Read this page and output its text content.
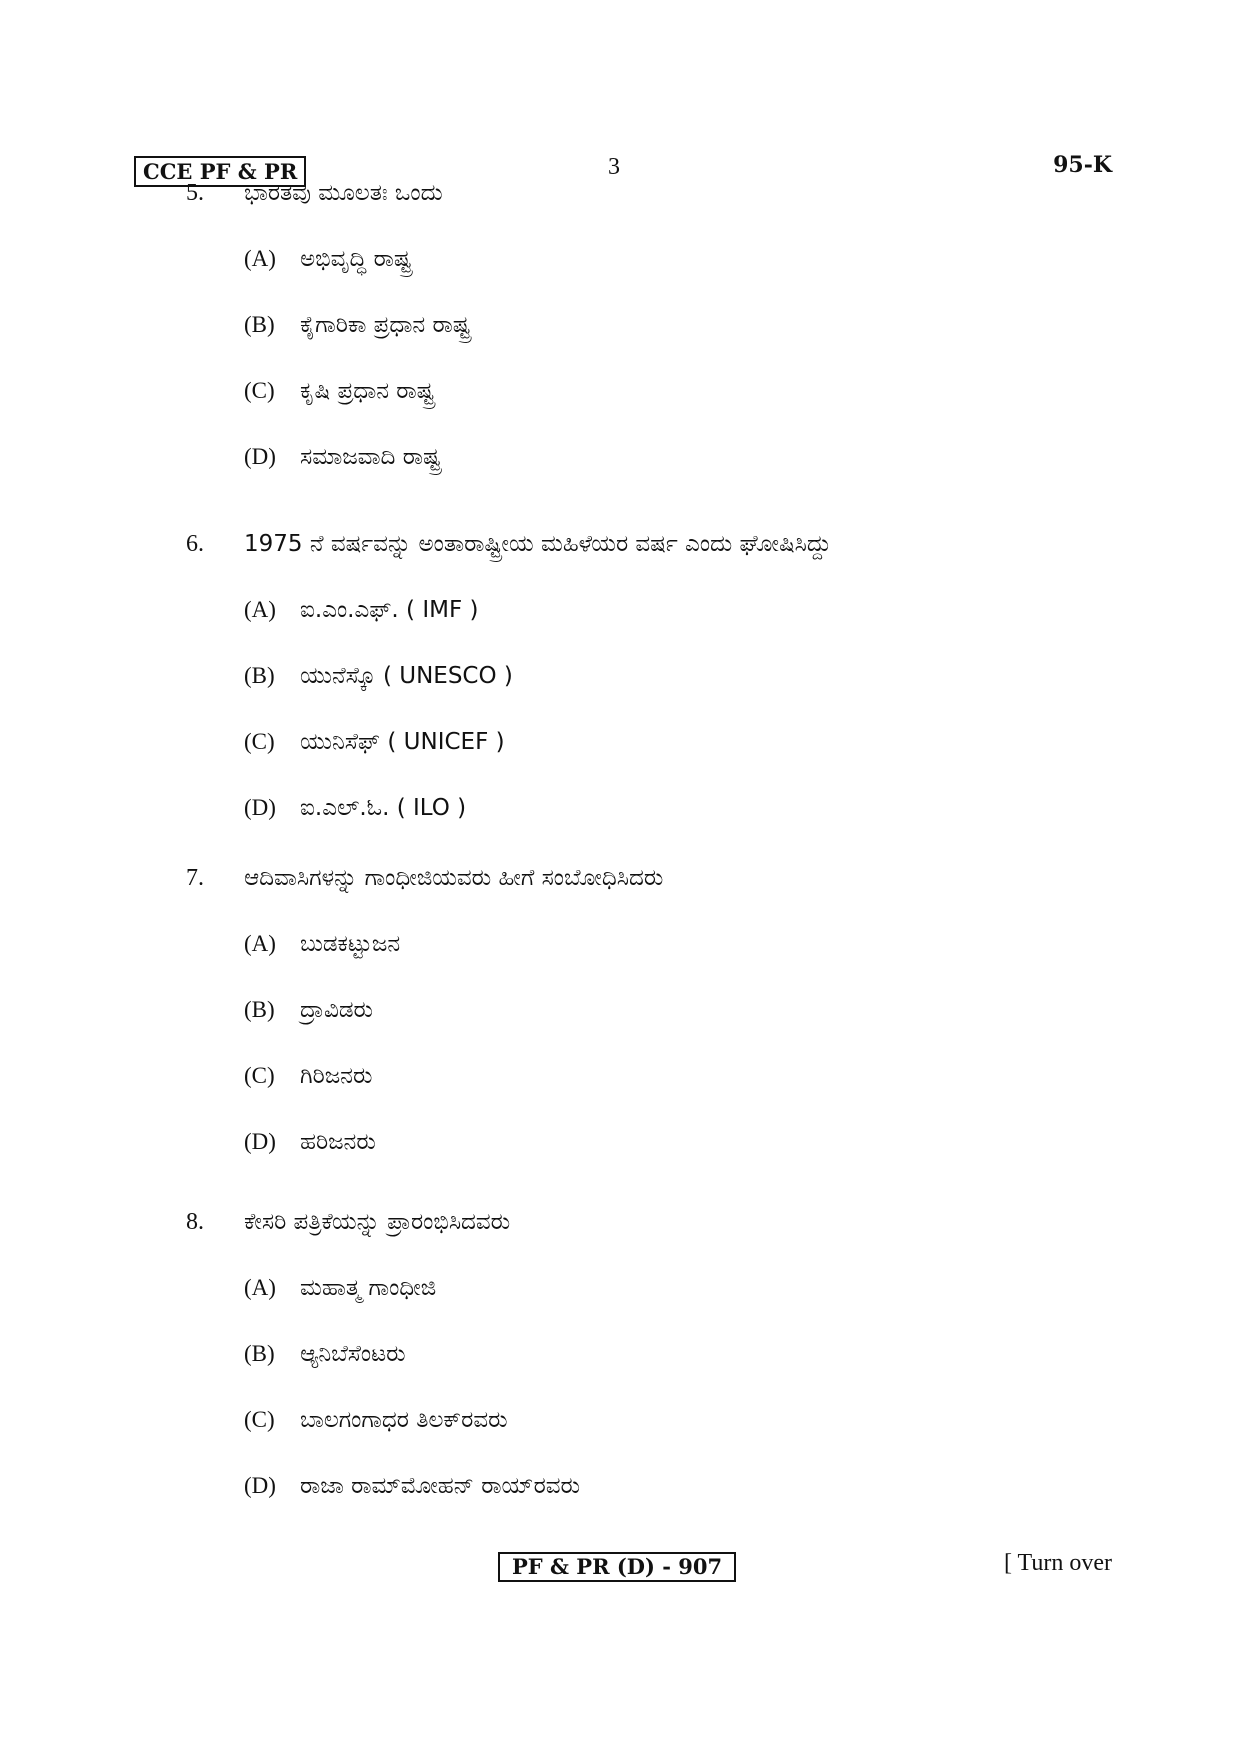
CCE PF & PR	3	95-K
5. ಭಾರತವು ಮೂಲತಃ ಒಂದು
(A) ಅಭಿವೃದ್ಧಿ ರಾಷ್ಟ್ರ
(B) ಕೈಗಾರಿಕಾ ಪ್ರಧಾನ ರಾಷ್ಟ್ರ
(C) ಕೃಷಿ ಪ್ರಧಾನ ರಾಷ್ಟ್ರ
(D) ಸಮಾಜವಾದಿ ರಾಷ್ಟ್ರ
6. 1975 ನೆ ವರ್ಷವನ್ನು ಅಂತಾರಾಷ್ಟ್ರೀಯ ಮಹಿಳೆಯರ ವರ್ಷ ಎಂದು ಘೋಷಿಸಿದ್ದು
(A) ಐ.ಎಂ.ಎಫ್. ( IMF )
(B) ಯುನೆಸ್ಕೊ ( UNESCO )
(C) ಯುನಿಸೆಫ್ ( UNICEF )
(D) ಐ.ಎಲ್.ಓ. ( ILO )
7. ಆದಿವಾಸಿಗಳನ್ನು ಗಾಂಧೀಜಿಯವರು ಹೀಗೆ ಸಂಬೋಧಿಸಿದರು
(A) ಬುಡಕಟ್ಟುಜನ
(B) ದ್ರಾವಿಡರು
(C) ಗಿರಿಜನರು
(D) ಹರಿಜನರು
8. ಕೇಸರಿ ಪತ್ರಿಕೆಯನ್ನು ಪ್ರಾರಂಭಿಸಿದವರು
(A) ಮಹಾತ್ಮ ಗಾಂಧೀಜಿ
(B) ಆ್ಯನಿಬೆಸೆಂಟರು
(C) ಬಾಲಗಂಗಾಧರ ತಿಲಕ್‌ರವರು
(D) ರಾಜಾ ರಾಮ್‌ಮೋಹನ್ ರಾಯ್‌ರವರು
PF & PR (D) - 907	[ Turn over
